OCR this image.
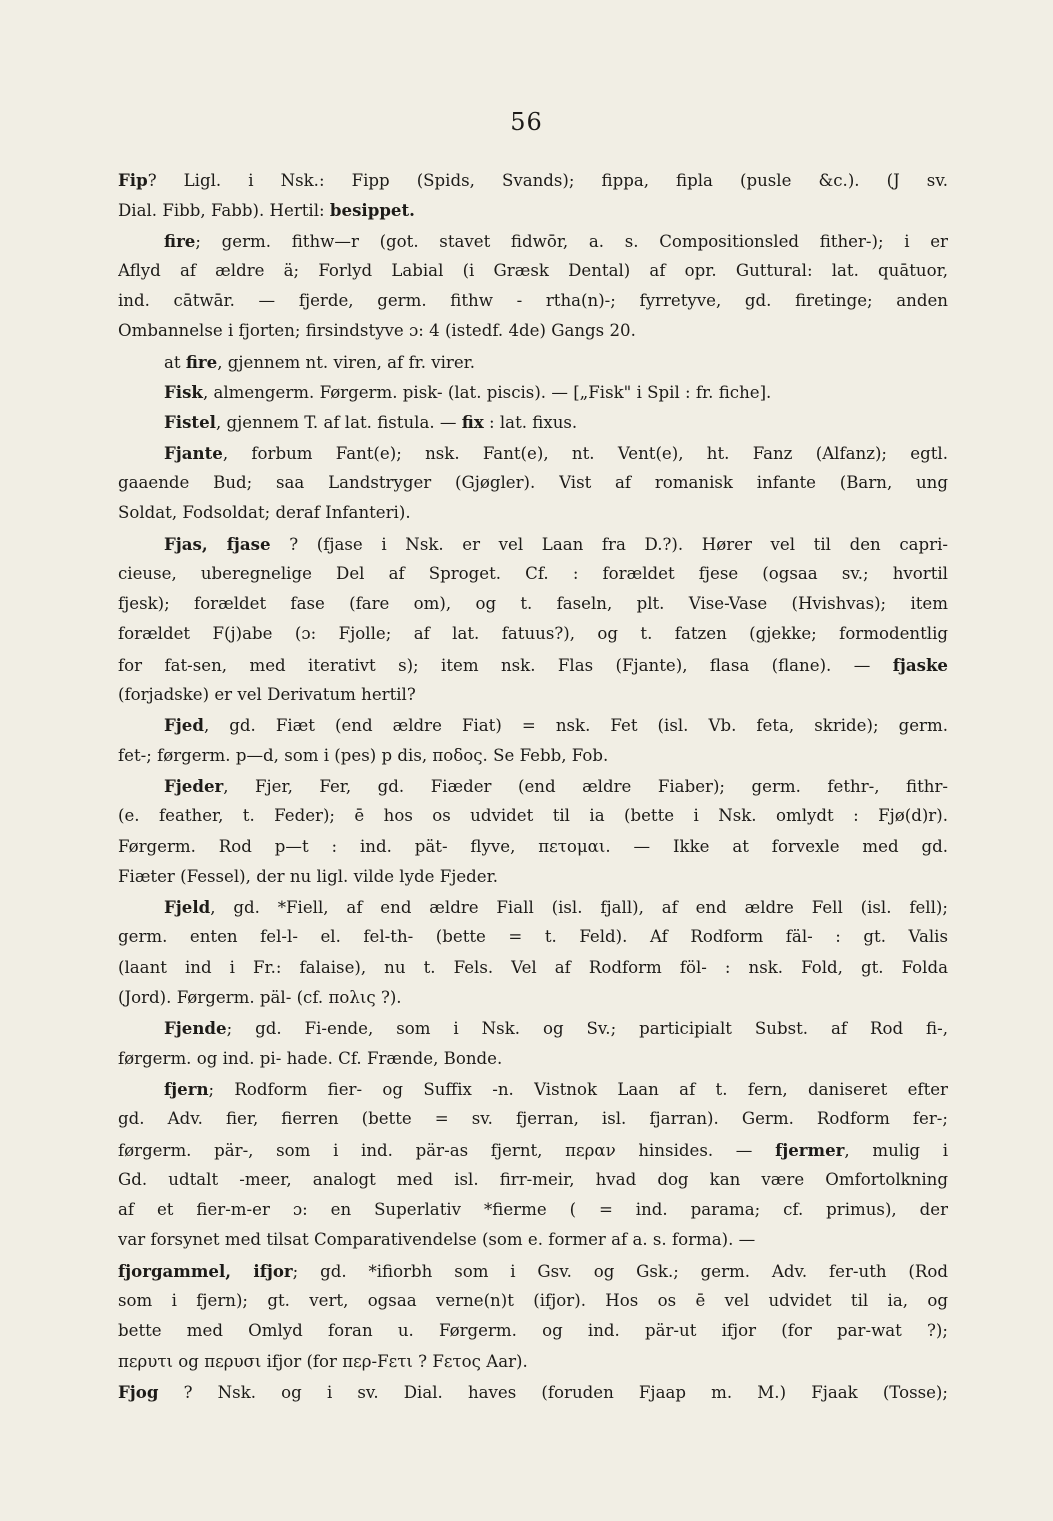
56
Fip? Ligl. i Nsk.: Fipp (Spids, Svands); fippa, fipla (pusle &c.). (J sv.
Dial. Fibb, Fabb). Hertil: besippet.
fire; germ. fithw—r (got. stavet fidwōr, a. s. Compositionsled fither-); i er
Aflyd af ældre ä; Forlyd Labial (i Græsk Dental) af opr. Guttural: lat. quātuor,
ind. cātwār. — fjerde, germ. fithw - rtha(n)-; fyrretyve, gd. firetinge; anden
Ombannelse i fjorten; firsindstyve ɔ: 4 (istedf. 4de) Gangs 20.
at fire, gjennem nt. viren, af fr. virer.
Fisk, almengerm. Førgerm. pisk- (lat. piscis). — [„Fisk" i Spil : fr. fiche].
Fistel, gjennem T. af lat. fistula. — fix : lat. fixus.
Fjante, forbum Fant(e); nsk. Fant(e), nt. Vent(e), ht. Fanz (Alfanz); egtl.
gaaende Bud; saa Landstryger (Gjøgler). Vist af romanisk infante (Barn, ung
Soldat, Fodsoldat; deraf Infanteri).
Fjas, fjase ? (fjase i Nsk. er vel Laan fra D.?). Hører vel til den capri-
cieuse, uberegnelige Del af Sproget. Cf. : forældet fjese (ogsaa sv.; hvortil
fjesk); forældet fase (fare om), og t. faseln, plt. Vise-Vase (Hvishvas); item
forældet F(j)abe (ɔ: Fjolle; af lat. fatuus?), og t. fatzen (gjekke; formodentlig
for fat-sen, med iterativt s); item nsk. Flas (Fjante), flasa (flane). — fjaske
(forjadske) er vel Derivatum hertil?
Fjed, gd. Fiæt (end ældre Fiat) = nsk. Fet (isl. Vb. feta, skride); germ.
fet-; førgerm. p—d, som i (pes) p dis, ποδος. Se Febb, Fob.
Fjeder, Fjer, Fer, gd. Fiæder (end ældre Fiaber); germ. fethr-, fithr-
(e. feather, t. Feder); ē hos os udvidet til ia (bette i Nsk. omlydt : Fjø(d)r).
Førgerm. Rod p—t : ind. pät- flyve, πετομαι. — Ikke at forvexle med gd.
Fiæter (Fessel), der nu ligl. vilde lyde Fjeder.
Fjeld, gd. *Fiell, af end ældre Fiall (isl. fjall), af end ældre Fell (isl. fell);
germ. enten fel-l- el. fel-th- (bette = t. Feld). Af Rodform fäl- : gt. Valis
(laant ind i Fr.: falaise), nu t. Fels. Vel af Rodform föl- : nsk. Fold, gt. Folda
(Jord). Førgerm. päl- (cf. πολις ?).
Fjende; gd. Fi-ende, som i Nsk. og Sv.; participialt Subst. af Rod fi-,
førgerm. og ind. pi- hade. Cf. Frænde, Bonde.
fjern; Rodform fier- og Suffix -n. Vistnok Laan af t. fern, daniseret efter
gd. Adv. fier, fierren (bette = sv. fjerran, isl. fjarran). Germ. Rodform fer-;
førgerm. pär-, som i ind. pär-as fjernt, περαν hinsides. — fjermer, mulig i
Gd. udtalt -meer, analogt med isl. firr-meir, hvad dog kan være Omfortolkning
af et fier-m-er ɔ: en Superlativ *fierme ( = ind. parama; cf. primus), der
var forsynet med tilsat Comparativendelse (som e. former af a. s. forma). —
fjorgammel, ifjor; gd. *ifiorbh som i Gsv. og Gsk.; germ. Adv. fer-uth (Rod
som i fjern); gt. vert, ogsaa verne(n)t (ifjor). Hos os ē vel udvidet til ia, og
bette med Omlyd foran u. Førgerm. og ind. pär-ut ifjor (for par-wat ?);
περυτι og περυσι ifjor (for περ-Fετι ? Fετος Aar).
Fjog ? Nsk. og i sv. Dial. haves (foruden Fjaap m. M.) Fjaak (Tosse);
